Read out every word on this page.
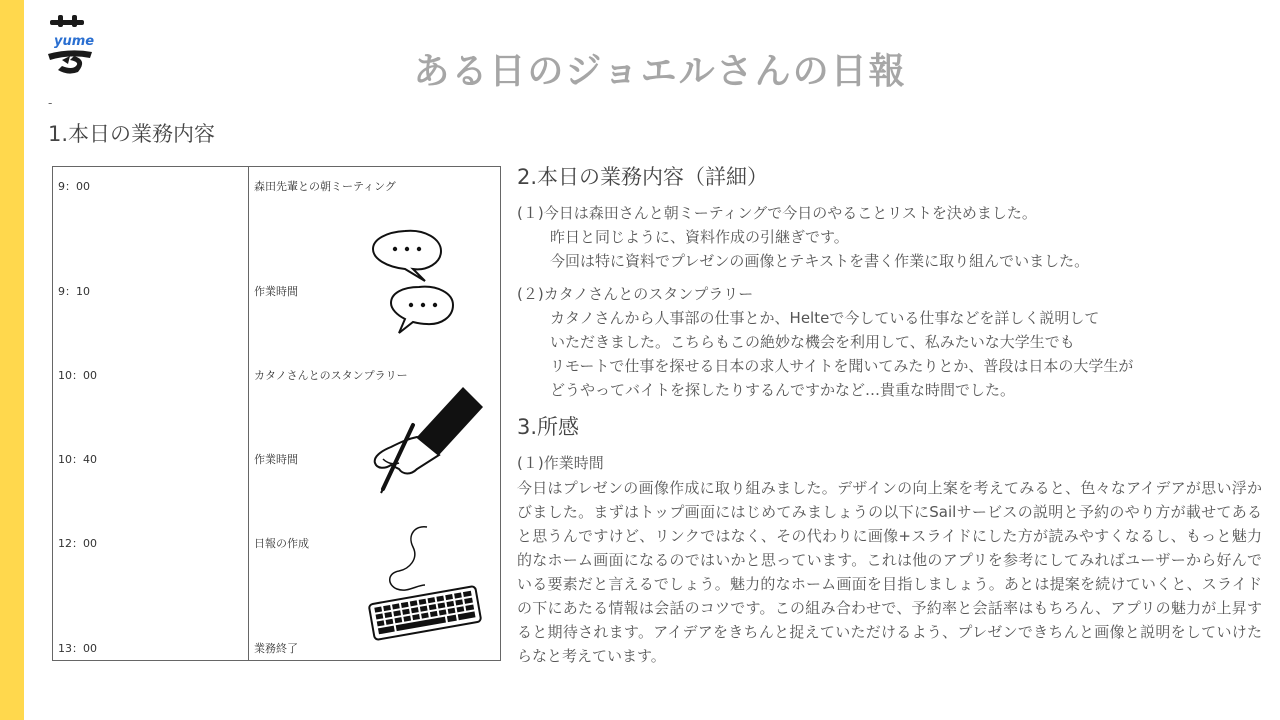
yume
ある日のジョエルさんの日報
-
1.本日の業務内容
9：00	森田先輩との朝ミーティング
9：10	作業時間
10：00	カタノさんとのスタンプラリー
10：40	作業時間
12：00	日報の作成
13：00	業務終了
2.本日の業務内容（詳細）
(１)今日は森田さんと朝ミーティングで今日のやることリストを決めました。
昨日と同じように、資料作成の引継ぎです。
今回は特に資料でプレゼンの画像とテキストを書く作業に取り組んでいました。
(２)カタノさんとのスタンプラリー
カタノさんから人事部の仕事とか、Helteで今している仕事などを詳しく説明して
いただきました。こちらもこの絶妙な機会を利用して、私みたいな大学生でも
リモートで仕事を探せる日本の求人サイトを聞いてみたりとか、普段は日本の大学生が
どうやってバイトを探したりするんですかなど…貴重な時間でした。
3.所感
(１)作業時間
今日はプレゼンの画像作成に取り組みました。デザインの向上案を考えてみると、色々なアイデアが思い浮かびました。まずはトップ画面にはじめてみましょうの以下にSailサービスの説明と予約のやり方が載せてあると思うんですけど、リンクではなく、その代わりに画像+スライドにした方が読みやすくなるし、もっと魅力的なホーム画面になるのではいかと思っています。これは他のアプリを参考にしてみればユーザーから好んでいる要素だと言えるでしょう。魅力的なホーム画面を目指しましょう。あとは提案を続けていくと、スライドの下にあたる情報は会話のコツです。この組み合わせで、予約率と会話率はもちろん、アプリの魅力が上昇すると期待されます。アイデアをきちんと捉えていただけるよう、プレゼンできちんと画像と説明をしていけたらなと考えています。
